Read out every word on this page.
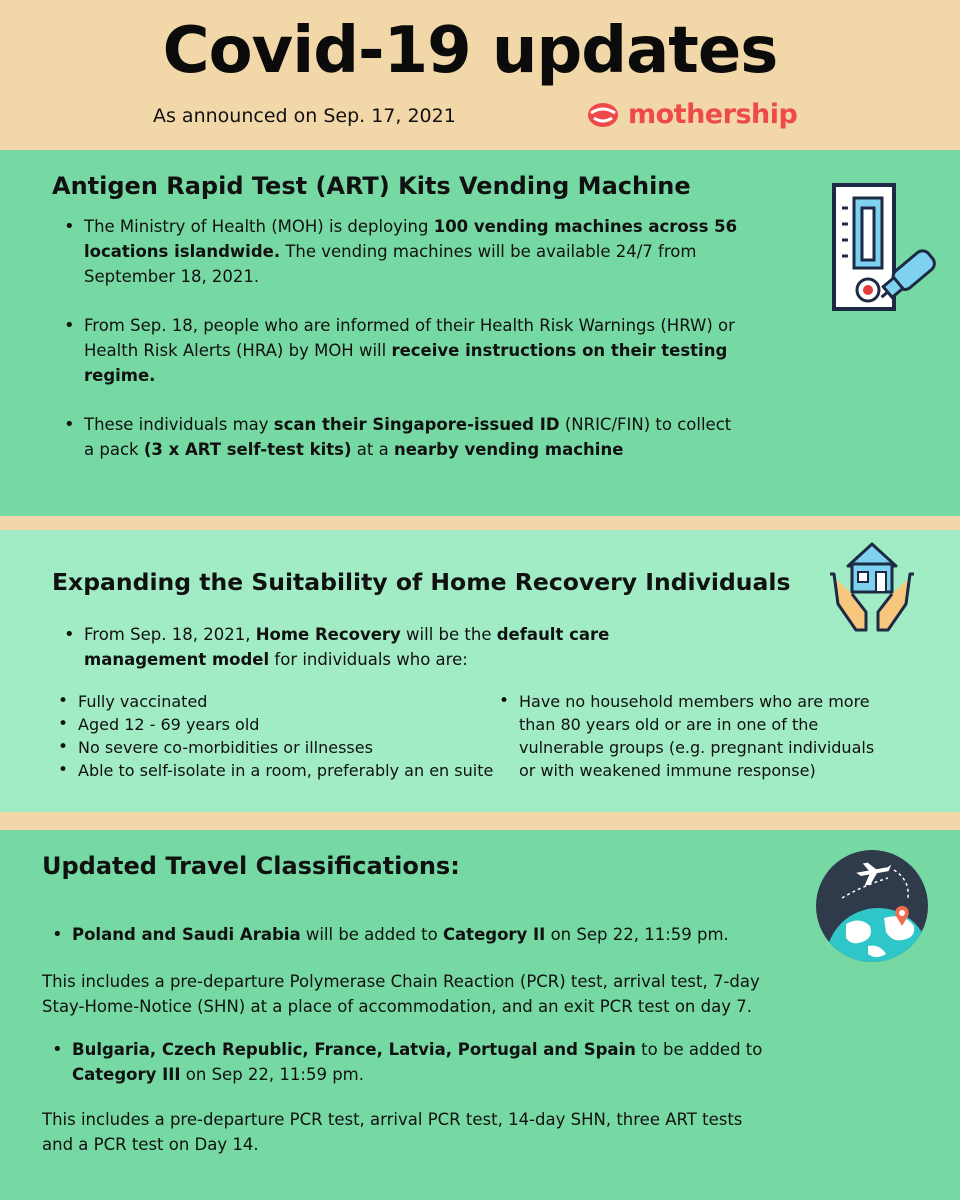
Covid-19 updates
As announced on Sep. 17, 2021	mothership
Antigen Rapid Test (ART) Kits Vending Machine
• The Ministry of Health (MOH) is deploying 100 vending machines across 56 locations islandwide. The vending machines will be available 24/7 from September 18, 2021.
• From Sep. 18, people who are informed of their Health Risk Warnings (HRW) or Health Risk Alerts (HRA) by MOH will receive instructions on their testing regime.
• These individuals may scan their Singapore-issued ID (NRIC/FIN) to collect a pack (3 x ART self-test kits) at a nearby vending machine
Expanding the Suitability of Home Recovery Individuals
• From Sep. 18, 2021, Home Recovery will be the default care management model for individuals who are:
• Fully vaccinated
• Aged 12 - 69 years old
• No severe co-morbidities or illnesses
• Able to self-isolate in a room, preferably an en suite
• Have no household members who are more than 80 years old or are in one of the vulnerable groups (e.g. pregnant individuals or with weakened immune response)
Updated Travel Classifications:
• Poland and Saudi Arabia will be added to Category II on Sep 22, 11:59 pm.

This includes a pre-departure Polymerase Chain Reaction (PCR) test, arrival test, 7-day Stay-Home-Notice (SHN) at a place of accommodation, and an exit PCR test on day 7.

• Bulgaria, Czech Republic, France, Latvia, Portugal and Spain to be added to Category III on Sep 22, 11:59 pm.

This includes a pre-departure PCR test, arrival PCR test, 14-day SHN, three ART tests and a PCR test on Day 14.
